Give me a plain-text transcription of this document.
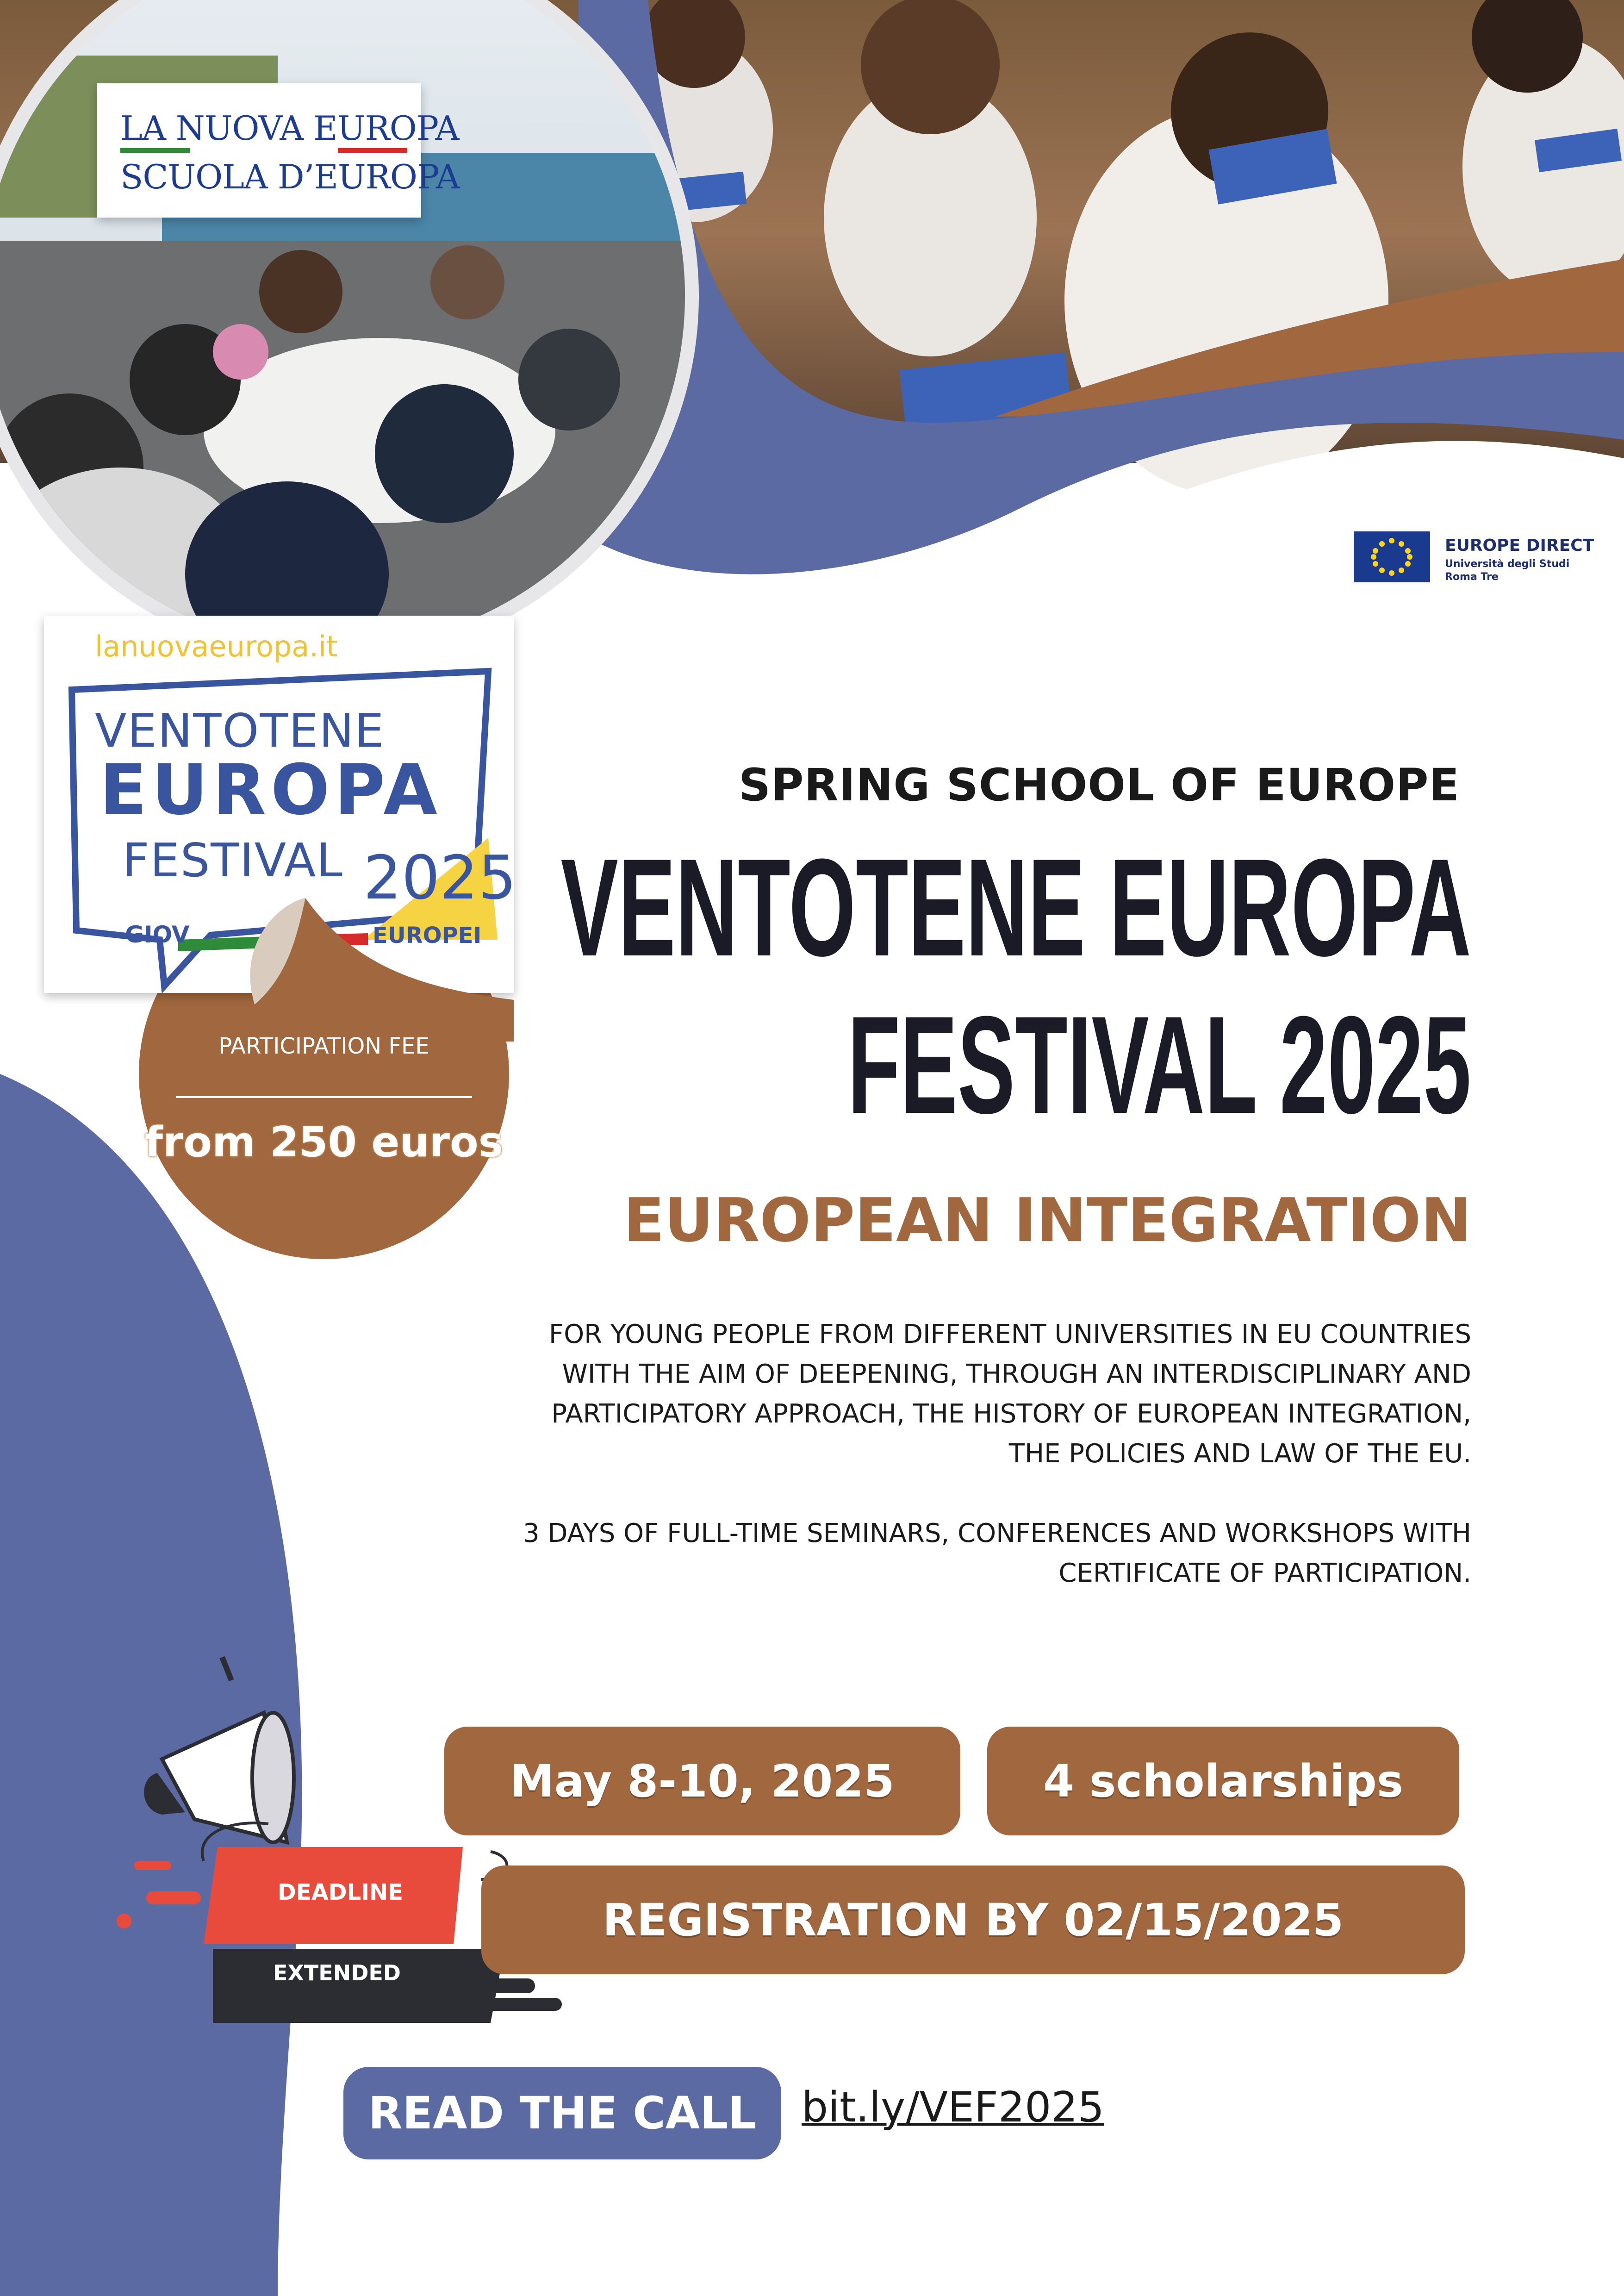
LA NUOVA EUROPA
SCUOLA D’EUROPA
lanuovaeuropa.it
VENTOTENE
EUROPA
FESTIVAL 2025
GIOV	EUROPEI
EUROPE DIRECT
Università degli Studi
Roma Tre
SPRING SCHOOL OF EUROPE
VENTOTENE EUROPA
FESTIVAL 2025
EUROPEAN INTEGRATION
PARTICIPATION FEE
from 250 euros

FOR YOUNG PEOPLE FROM DIFFERENT UNIVERSITIES IN EU COUNTRIES WITH THE AIM OF DEEPENING, THROUGH AN INTERDISCIPLINARY AND PARTICIPATORY APPROACH, THE HISTORY OF EUROPEAN INTEGRATION, THE POLICIES AND LAW OF THE EU.

3 DAYS OF FULL-TIME SEMINARS, CONFERENCES AND WORKSHOPS WITH CERTIFICATE OF PARTICIPATION.

May 8-10, 2025	4 scholarships
REGISTRATION BY 02/15/2025
DEADLINE
EXTENDED
READ THE CALL	bit.ly/VEF2025
